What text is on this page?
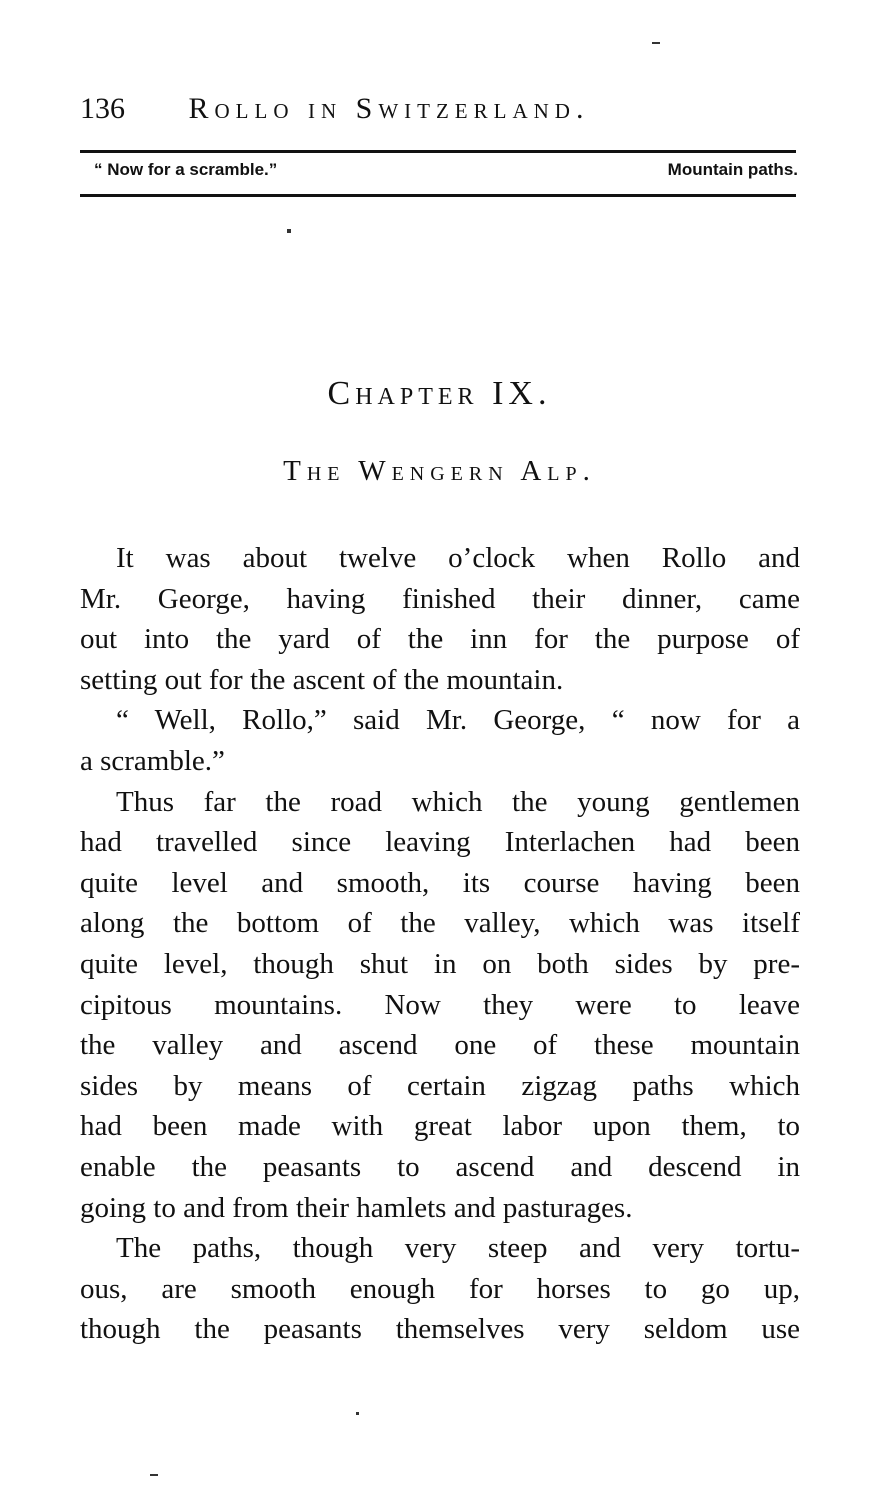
136 Rollo in Switzerland.
“ Now for a scramble.”	Mountain paths.
Chapter IX.
The Wengern Alp.
It was about twelve o’clock when Rollo and
Mr. George, having finished their dinner, came
out into the yard of the inn for the purpose of
setting out for the ascent of the mountain.
“ Well, Rollo,” said Mr. George, “ now for a
a scramble.”
Thus far the road which the young gentlemen
had travelled since leaving Interlachen had been
quite level and smooth, its course having been
along the bottom of the valley, which was itself
quite level, though shut in on both sides by pre-
cipitous mountains. Now they were to leave
the valley and ascend one of these mountain
sides by means of certain zigzag paths which
had been made with great labor upon them, to
enable the peasants to ascend and descend in
going to and from their hamlets and pasturages.
The paths, though very steep and very tortu-
ous, are smooth enough for horses to go up,
though the peasants themselves very seldom use
